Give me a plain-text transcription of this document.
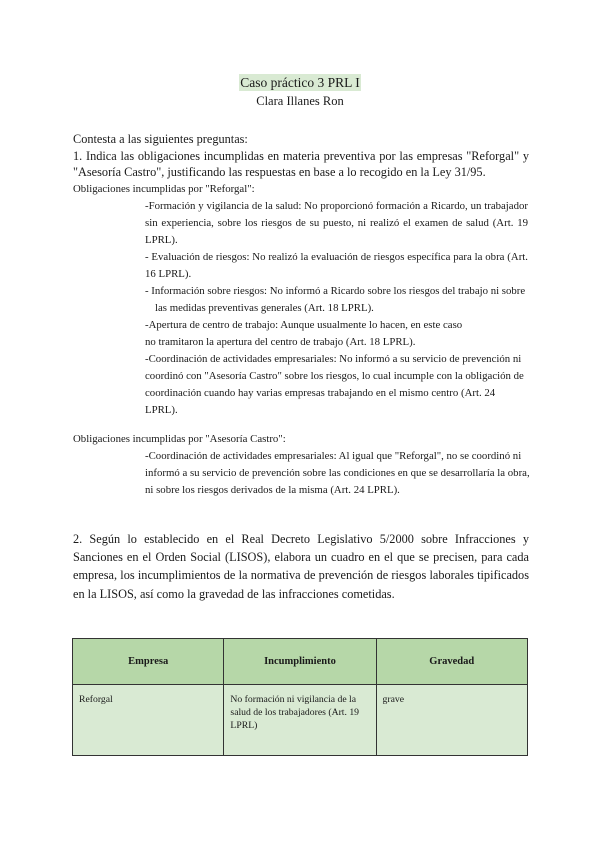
Caso práctico 3 PRL I
Clara Illanes Ron

Contesta a las siguientes preguntas:

1. Indica las obligaciones incumplidas en materia preventiva por las empresas "Reforgal" y "Asesoría Castro", justificando las respuestas en base a lo recogido en la Ley 31/95.

Obligaciones incumplidas por "Reforgal":
-Formación y vigilancia de la salud: No proporcionó formación a Ricardo, un trabajador sin experiencia, sobre los riesgos de su puesto, ni realizó el examen de salud (Art. 19 LPRL).
- Evaluación de riesgos: No realizó la evaluación de riesgos específica para la obra (Art. 16 LPRL).
- Información sobre riesgos: No informó a Ricardo sobre los riesgos del trabajo ni sobre
las medidas preventivas generales (Art. 18 LPRL).
-Apertura de centro de trabajo: Aunque usualmente lo hacen, en este caso no tramitaron la apertura del centro de trabajo (Art. 18 LPRL).
-Coordinación de actividades empresariales: No informó a su servicio de prevención ni coordinó con "Asesoría Castro" sobre los riesgos, lo cual incumple con la obligación de coordinación cuando hay varias empresas trabajando en el mismo centro (Art. 24 LPRL).
Obligaciones incumplidas por "Asesoría Castro":
-Coordinación de actividades empresariales: Al igual que "Reforgal", no se coordinó ni informó a su servicio de prevención sobre las condiciones en que se desarrollaría la obra, ni sobre los riesgos derivados de la misma (Art. 24 LPRL).
2. Según lo establecido en el Real Decreto Legislativo 5/2000 sobre Infracciones y Sanciones en el Orden Social (LISOS), elabora un cuadro en el que se precisen, para cada empresa, los incumplimientos de la normativa de prevención de riesgos laborales tipificados en la LISOS, así como la gravedad de las infracciones cometidas.
Empresa	Incumplimiento	Gravedad
Reforgal	No formación ni vigilancia de la salud de los trabajadores (Art. 19 LPRL)	grave
